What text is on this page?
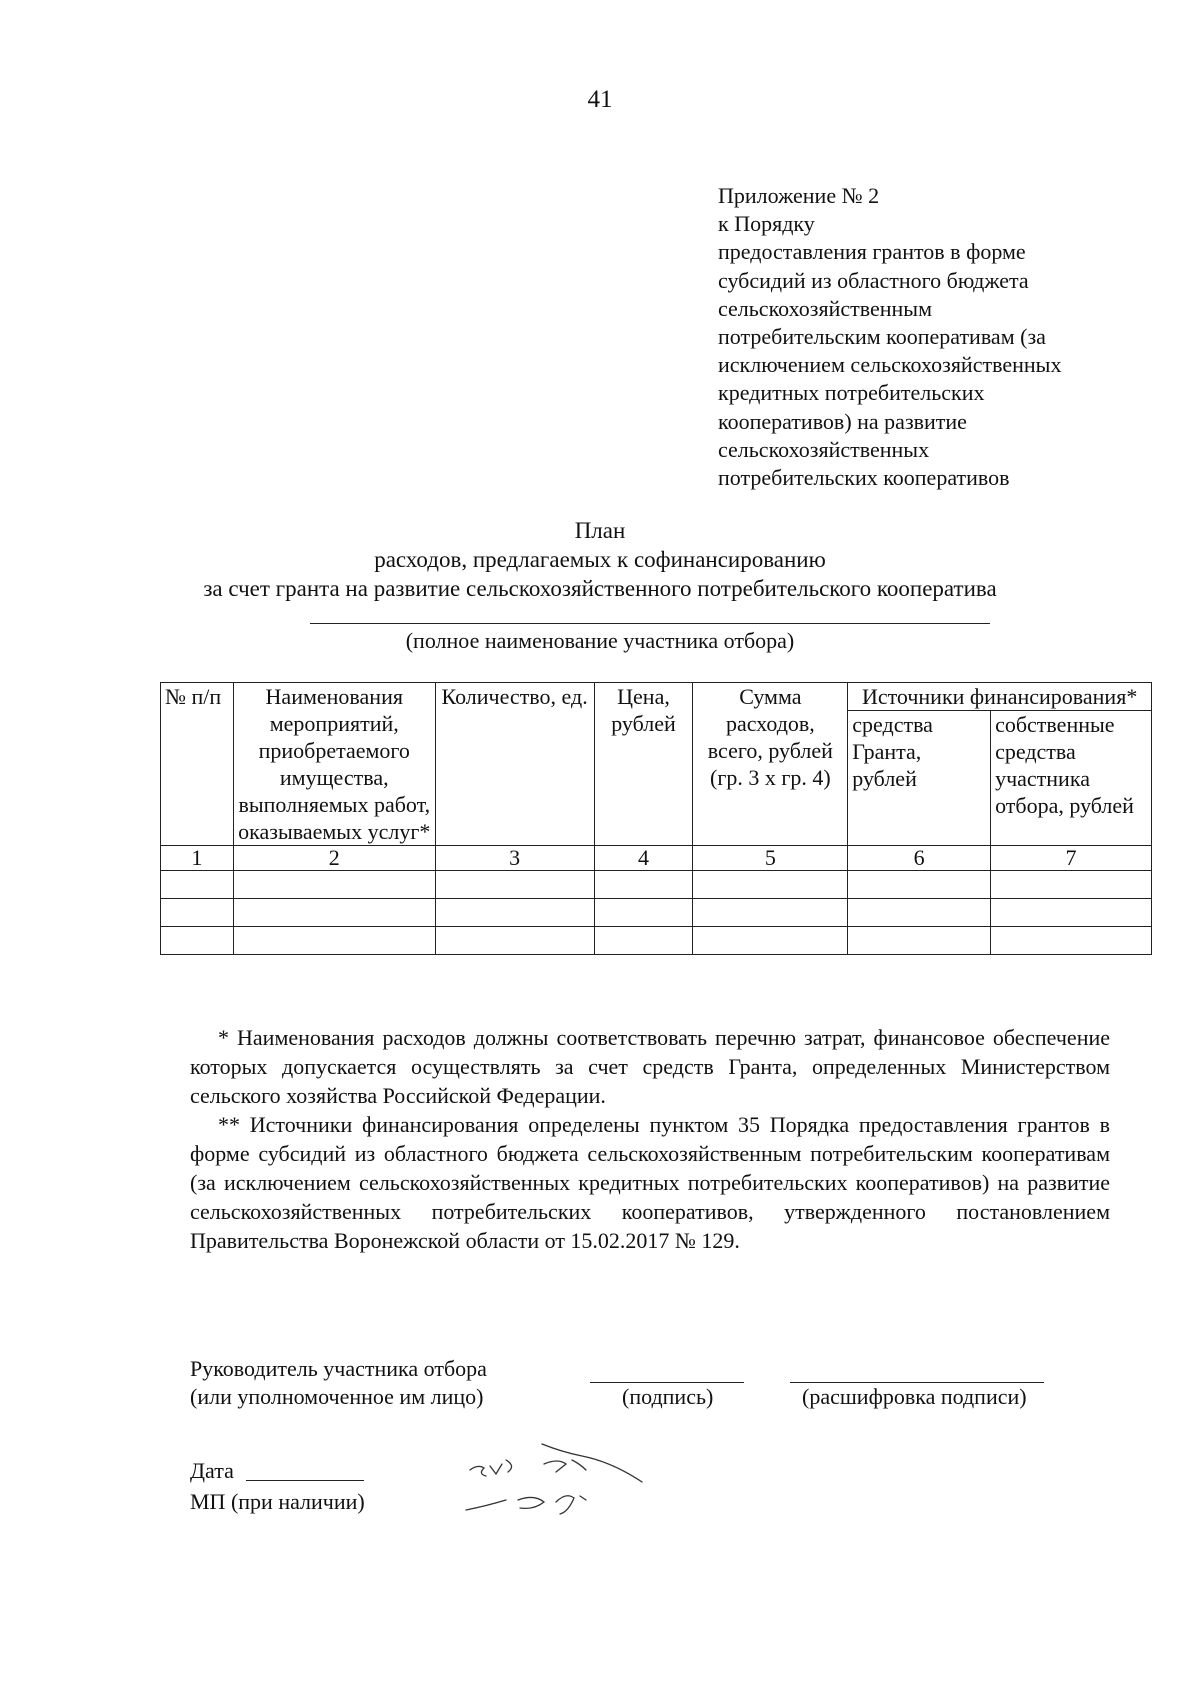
41
Приложение № 2
к Порядку
предоставления грантов в форме
субсидий из областного бюджета
сельскохозяйственным
потребительским кооперативам (за
исключением сельскохозяйственных
кредитных потребительских
кооперативов) на развитие
сельскохозяйственных
потребительских кооперативов
План
расходов, предлагаемых к софинансированию
за счет гранта на развитие сельскохозяйственного потребительского кооператива
(полное наименование участника отбора)
№ п/п	Наименования мероприятий, приобретаемого имущества, выполняемых работ, оказываемых услуг*	Количество, ед.	Цена, рублей	Сумма расходов, всего, рублей (гр. 3 х гр. 4)	Источники финансирования*	
					средства Гранта, рублей	собственные средства участника отбора, рублей
1	2	3	4	5	6	7

* Наименования расходов должны соответствовать перечню затрат, финансовое обеспечение которых допускается осуществлять за счет средств Гранта, определенных Министерством сельского хозяйства Российской Федерации.

** Источники финансирования определены пунктом 35 Порядка предоставления грантов в форме субсидий из областного бюджета сельскохозяйственным потребительским кооперативам (за исключением сельскохозяйственных кредитных потребительских кооперативов) на развитие сельскохозяйственных потребительских кооперативов, утвержденного постановлением Правительства Воронежской области от 15.02.2017 № 129.

Руководитель участника отбора
(или уполномоченное им лицо)	(подпись)	(расшифровка подписи)
Дата
МП (при наличии)
